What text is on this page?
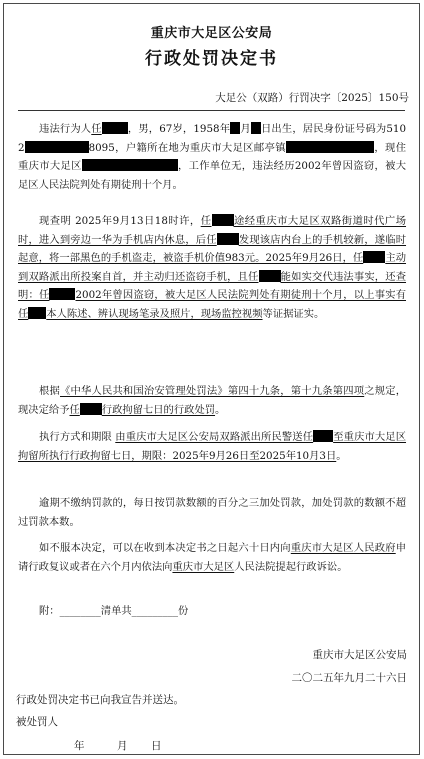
重庆市大足区公安局
行政处罚决定书
大足公（双路）行罚决字〔2025〕150号

违法行为人任	，男，67岁，1958年 月 日出生，居民身份证号码为5102	8095，户籍所在地为重庆市大足区邮亭镇	，现住重庆市大足区	，工作单位无，违法经历2002年曾因盗窃，被大足区人民法院判处有期徒刑十个月。

现查明 2025年9月13日18时许，任 途经重庆市大足区双路街道时代广场时，进入到旁边一华为手机店内休息，后任 发现该店内台上的手机较新，遂临时起意，将一部黑色的手机盗走，被盗手机价值983元。2025年9月26日，任 主动到双路派出所投案自首，并主动归还盗窃手机，且任 能如实交代违法事实，还查明：任	2002年曾因盗窃，被大足区人民法院判处有期徒刑十个月，以上事实有任 本人陈述、辨认现场笔录及照片，现场监控视频等证据证实。

根据《中华人民共和国治安管理处罚法》第四十九条，第十九条第四项之规定，现决定给予任 行政拘留七日的行政处罚。

执行方式和期限 由重庆市大足区公安局双路派出所民警送任 至重庆市大足区拘留所执行行政拘留七日，期限：2025年9月26日至2025年10月3日。

逾期不缴纳罚款的，每日按罚款数额的百分之三加处罚款，加处罚款的数额不超过罚款本数。

如不服本决定，可以在收到本决定书之日起六十日内向重庆市大足区人民政府申请行政复议或者在六个月内依法向重庆市大足区人民法院提起行政诉讼。

附：________清单共_________份

重庆市大足区公安局
二〇二五年九月二十六日
行政处罚决定书已向我宣告并送达。
被处罚人
年	月 日
